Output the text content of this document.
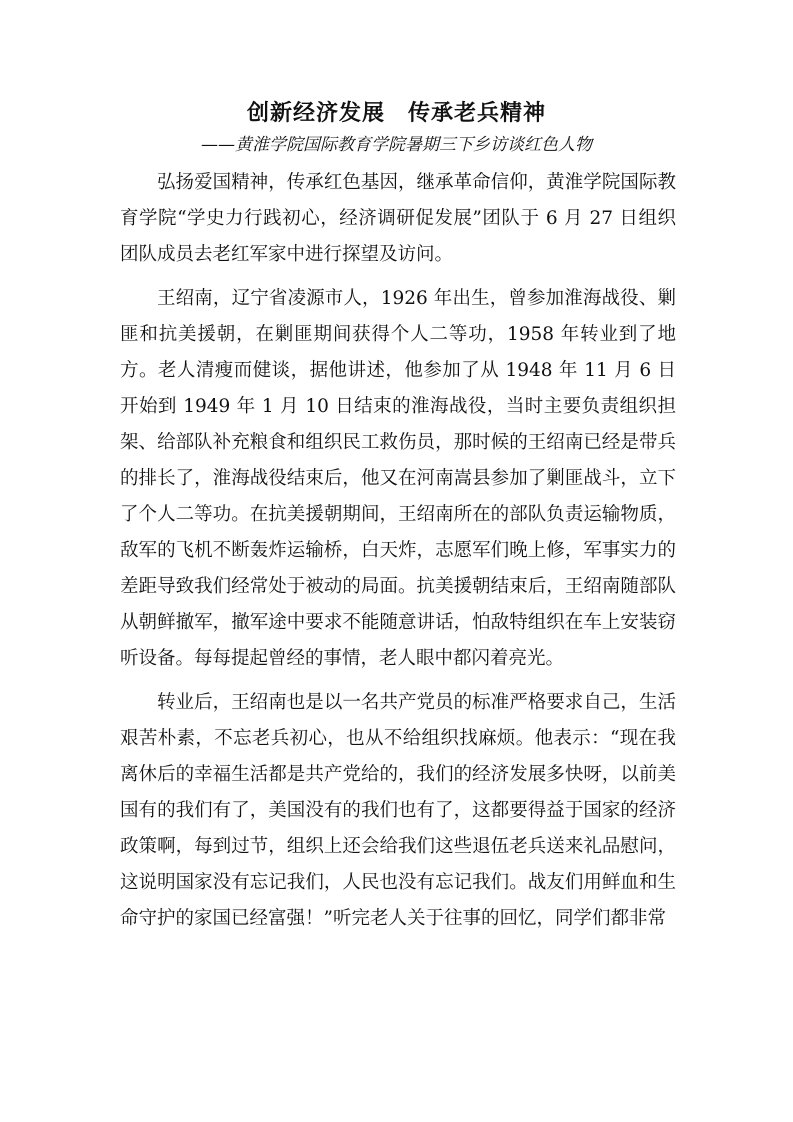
创新经济发展　传承老兵精神
——黄淮学院国际教育学院暑期三下乡访谈红色人物

弘扬爱国精神，传承红色基因，继承革命信仰，黄淮学院国际教育学院“学史力行践初心，经济调研促发展”团队于 6 月 27 日组织团队成员去老红军家中进行探望及访问。

王绍南，辽宁省凌源市人，1926 年出生，曾参加淮海战役、剿匪和抗美援朝，在剿匪期间获得个人二等功，1958 年转业到了地方。老人清瘦而健谈，据他讲述，他参加了从 1948 年 11 月 6 日开始到 1949 年 1 月 10 日结束的淮海战役，当时主要负责组织担架、给部队补充粮食和组织民工救伤员，那时候的王绍南已经是带兵的排长了，淮海战役结束后，他又在河南嵩县参加了剿匪战斗，立下了个人二等功。在抗美援朝期间，王绍南所在的部队负责运输物质，敌军的飞机不断轰炸运输桥，白天炸，志愿军们晚上修，军事实力的差距导致我们经常处于被动的局面。抗美援朝结束后，王绍南随部队从朝鲜撤军，撤军途中要求不能随意讲话，怕敌特组织在车上安装窃听设备。每每提起曾经的事情，老人眼中都闪着亮光。

转业后，王绍南也是以一名共产党员的标准严格要求自己，生活艰苦朴素，不忘老兵初心，也从不给组织找麻烦。他表示：“现在我离休后的幸福生活都是共产党给的，我们的经济发展多快呀，以前美国有的我们有了，美国没有的我们也有了，这都要得益于国家的经济政策啊，每到过节，组织上还会给我们这些退伍老兵送来礼品慰问，这说明国家没有忘记我们，人民也没有忘记我们。战友们用鲜血和生命守护的家国已经富强！”听完老人关于往事的回忆，同学们都非常
